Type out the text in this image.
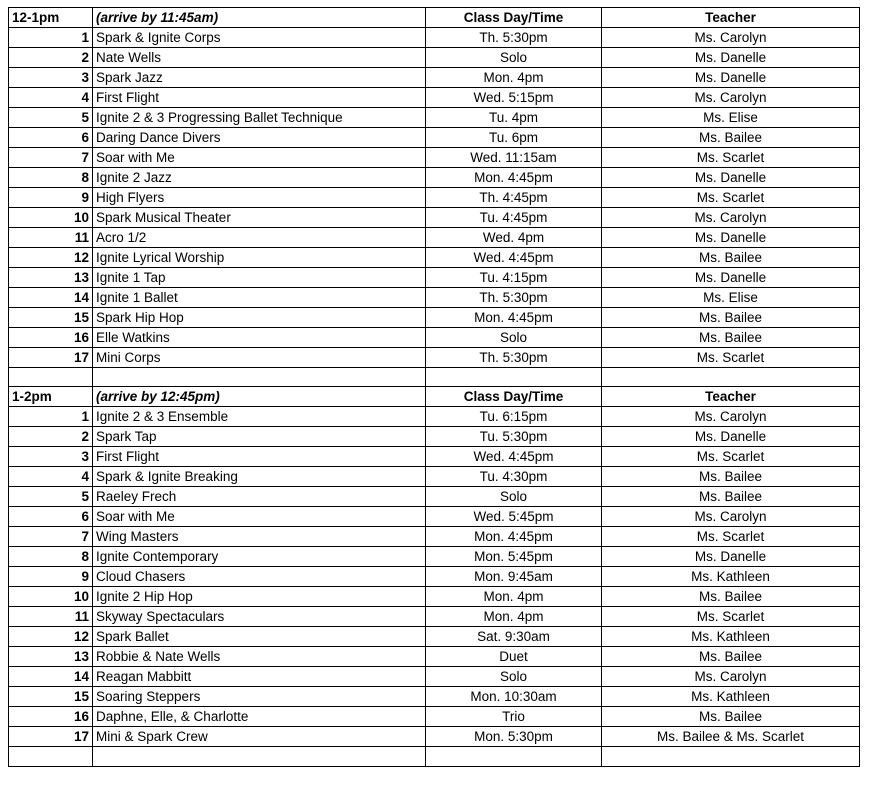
12-1pm	(arrive by 11:45am)	Class Day/Time	Teacher
1	Spark & Ignite Corps	Th. 5:30pm	Ms. Carolyn
2	Nate Wells	Solo	Ms. Danelle
3	Spark Jazz	Mon. 4pm	Ms. Danelle
4	First Flight	Wed. 5:15pm	Ms. Carolyn
5	Ignite 2 & 3 Progressing Ballet Technique	Tu. 4pm	Ms. Elise
6	Daring Dance Divers	Tu. 6pm	Ms. Bailee
7	Soar with Me	Wed. 11:15am	Ms. Scarlet
8	Ignite 2 Jazz	Mon. 4:45pm	Ms. Danelle
9	High Flyers	Th. 4:45pm	Ms. Scarlet
10	Spark Musical Theater	Tu. 4:45pm	Ms. Carolyn
11	Acro 1/2	Wed. 4pm	Ms. Danelle
12	Ignite Lyrical Worship	Wed. 4:45pm	Ms. Bailee
13	Ignite 1 Tap	Tu. 4:15pm	Ms. Danelle
14	Ignite 1 Ballet	Th. 5:30pm	Ms. Elise
15	Spark Hip Hop	Mon. 4:45pm	Ms. Bailee
16	Elle Watkins	Solo	Ms. Bailee
17	Mini Corps	Th. 5:30pm	Ms. Scarlet

1-2pm	(arrive by 12:45pm)	Class Day/Time	Teacher
1	Ignite 2 & 3 Ensemble	Tu. 6:15pm	Ms. Carolyn
2	Spark Tap	Tu. 5:30pm	Ms. Danelle
3	First Flight	Wed. 4:45pm	Ms. Scarlet
4	Spark & Ignite Breaking	Tu. 4:30pm	Ms. Bailee
5	Raeley Frech	Solo	Ms. Bailee
6	Soar with Me	Wed. 5:45pm	Ms. Carolyn
7	Wing Masters	Mon. 4:45pm	Ms. Scarlet
8	Ignite Contemporary	Mon. 5:45pm	Ms. Danelle
9	Cloud Chasers	Mon. 9:45am	Ms. Kathleen
10	Ignite 2 Hip Hop	Mon. 4pm	Ms. Bailee
11	Skyway Spectaculars	Mon. 4pm	Ms. Scarlet
12	Spark Ballet	Sat. 9:30am	Ms. Kathleen
13	Robbie & Nate Wells	Duet	Ms. Bailee
14	Reagan Mabbitt	Solo	Ms. Carolyn
15	Soaring Steppers	Mon. 10:30am	Ms. Kathleen
16	Daphne, Elle, & Charlotte	Trio	Ms. Bailee
17	Mini & Spark Crew	Mon. 5:30pm	Ms. Bailee & Ms. Scarlet
